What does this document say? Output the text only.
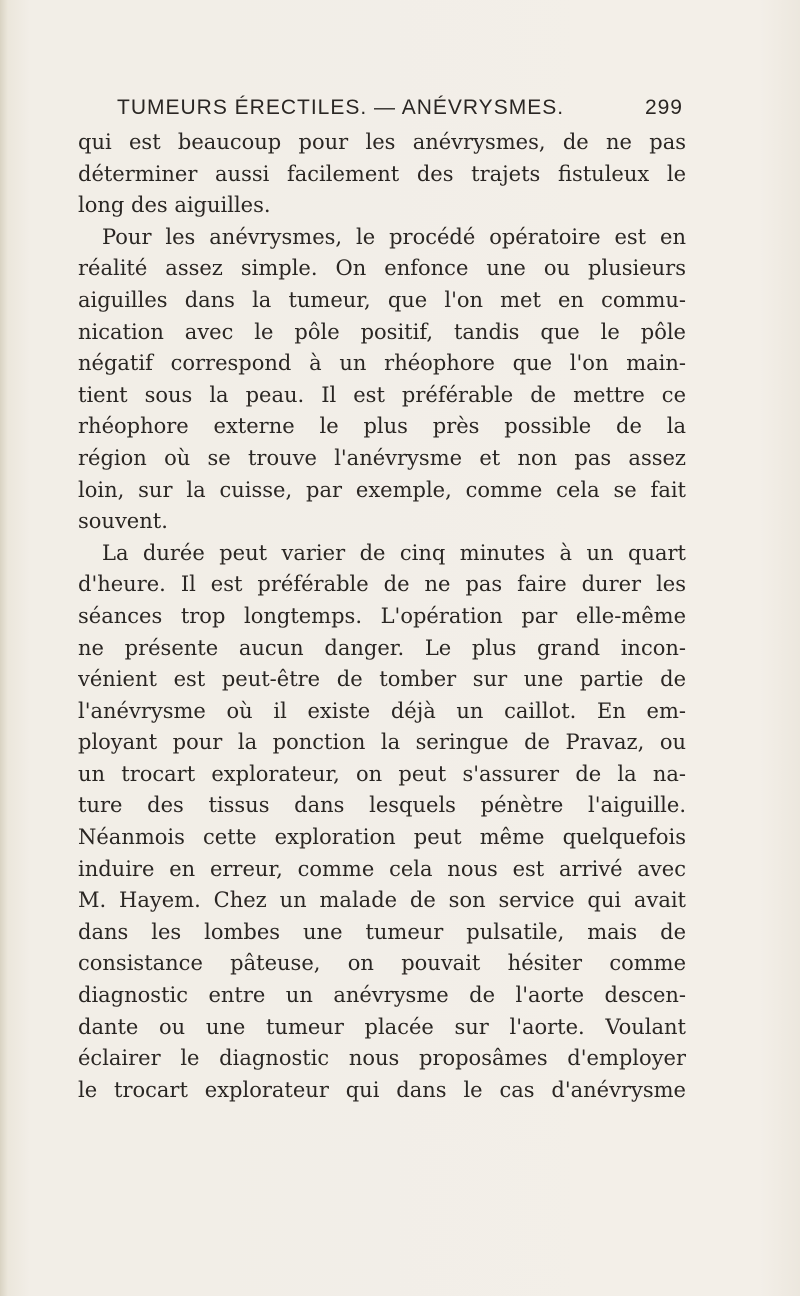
TUMEURS ÉRECTILES. — ANÉVRYSMES.	299
qui est beaucoup pour les anévrysmes, de ne pas
déterminer aussi facilement des trajets fistuleux le
long des aiguilles.
Pour les anévrysmes, le procédé opératoire est en
réalité assez simple. On enfonce une ou plusieurs
aiguilles dans la tumeur, que l'on met en commu-
nication avec le pôle positif, tandis que le pôle
négatif correspond à un rhéophore que l'on main-
tient sous la peau. Il est préférable de mettre ce
rhéophore externe le plus près possible de la
région où se trouve l'anévrysme et non pas assez
loin, sur la cuisse, par exemple, comme cela se fait
souvent.
La durée peut varier de cinq minutes à un quart
d'heure. Il est préférable de ne pas faire durer les
séances trop longtemps. L'opération par elle-même
ne présente aucun danger. Le plus grand incon-
vénient est peut-être de tomber sur une partie de
l'anévrysme où il existe déjà un caillot. En em-
ployant pour la ponction la seringue de Pravaz, ou
un trocart explorateur, on peut s'assurer de la na-
ture des tissus dans lesquels pénètre l'aiguille.
Néanmois cette exploration peut même quelquefois
induire en erreur, comme cela nous est arrivé avec
M. Hayem. Chez un malade de son service qui avait
dans les lombes une tumeur pulsatile, mais de
consistance pâteuse, on pouvait hésiter comme
diagnostic entre un anévrysme de l'aorte descen-
dante ou une tumeur placée sur l'aorte. Voulant
éclairer le diagnostic nous proposâmes d'employer
le trocart explorateur qui dans le cas d'anévrysme
